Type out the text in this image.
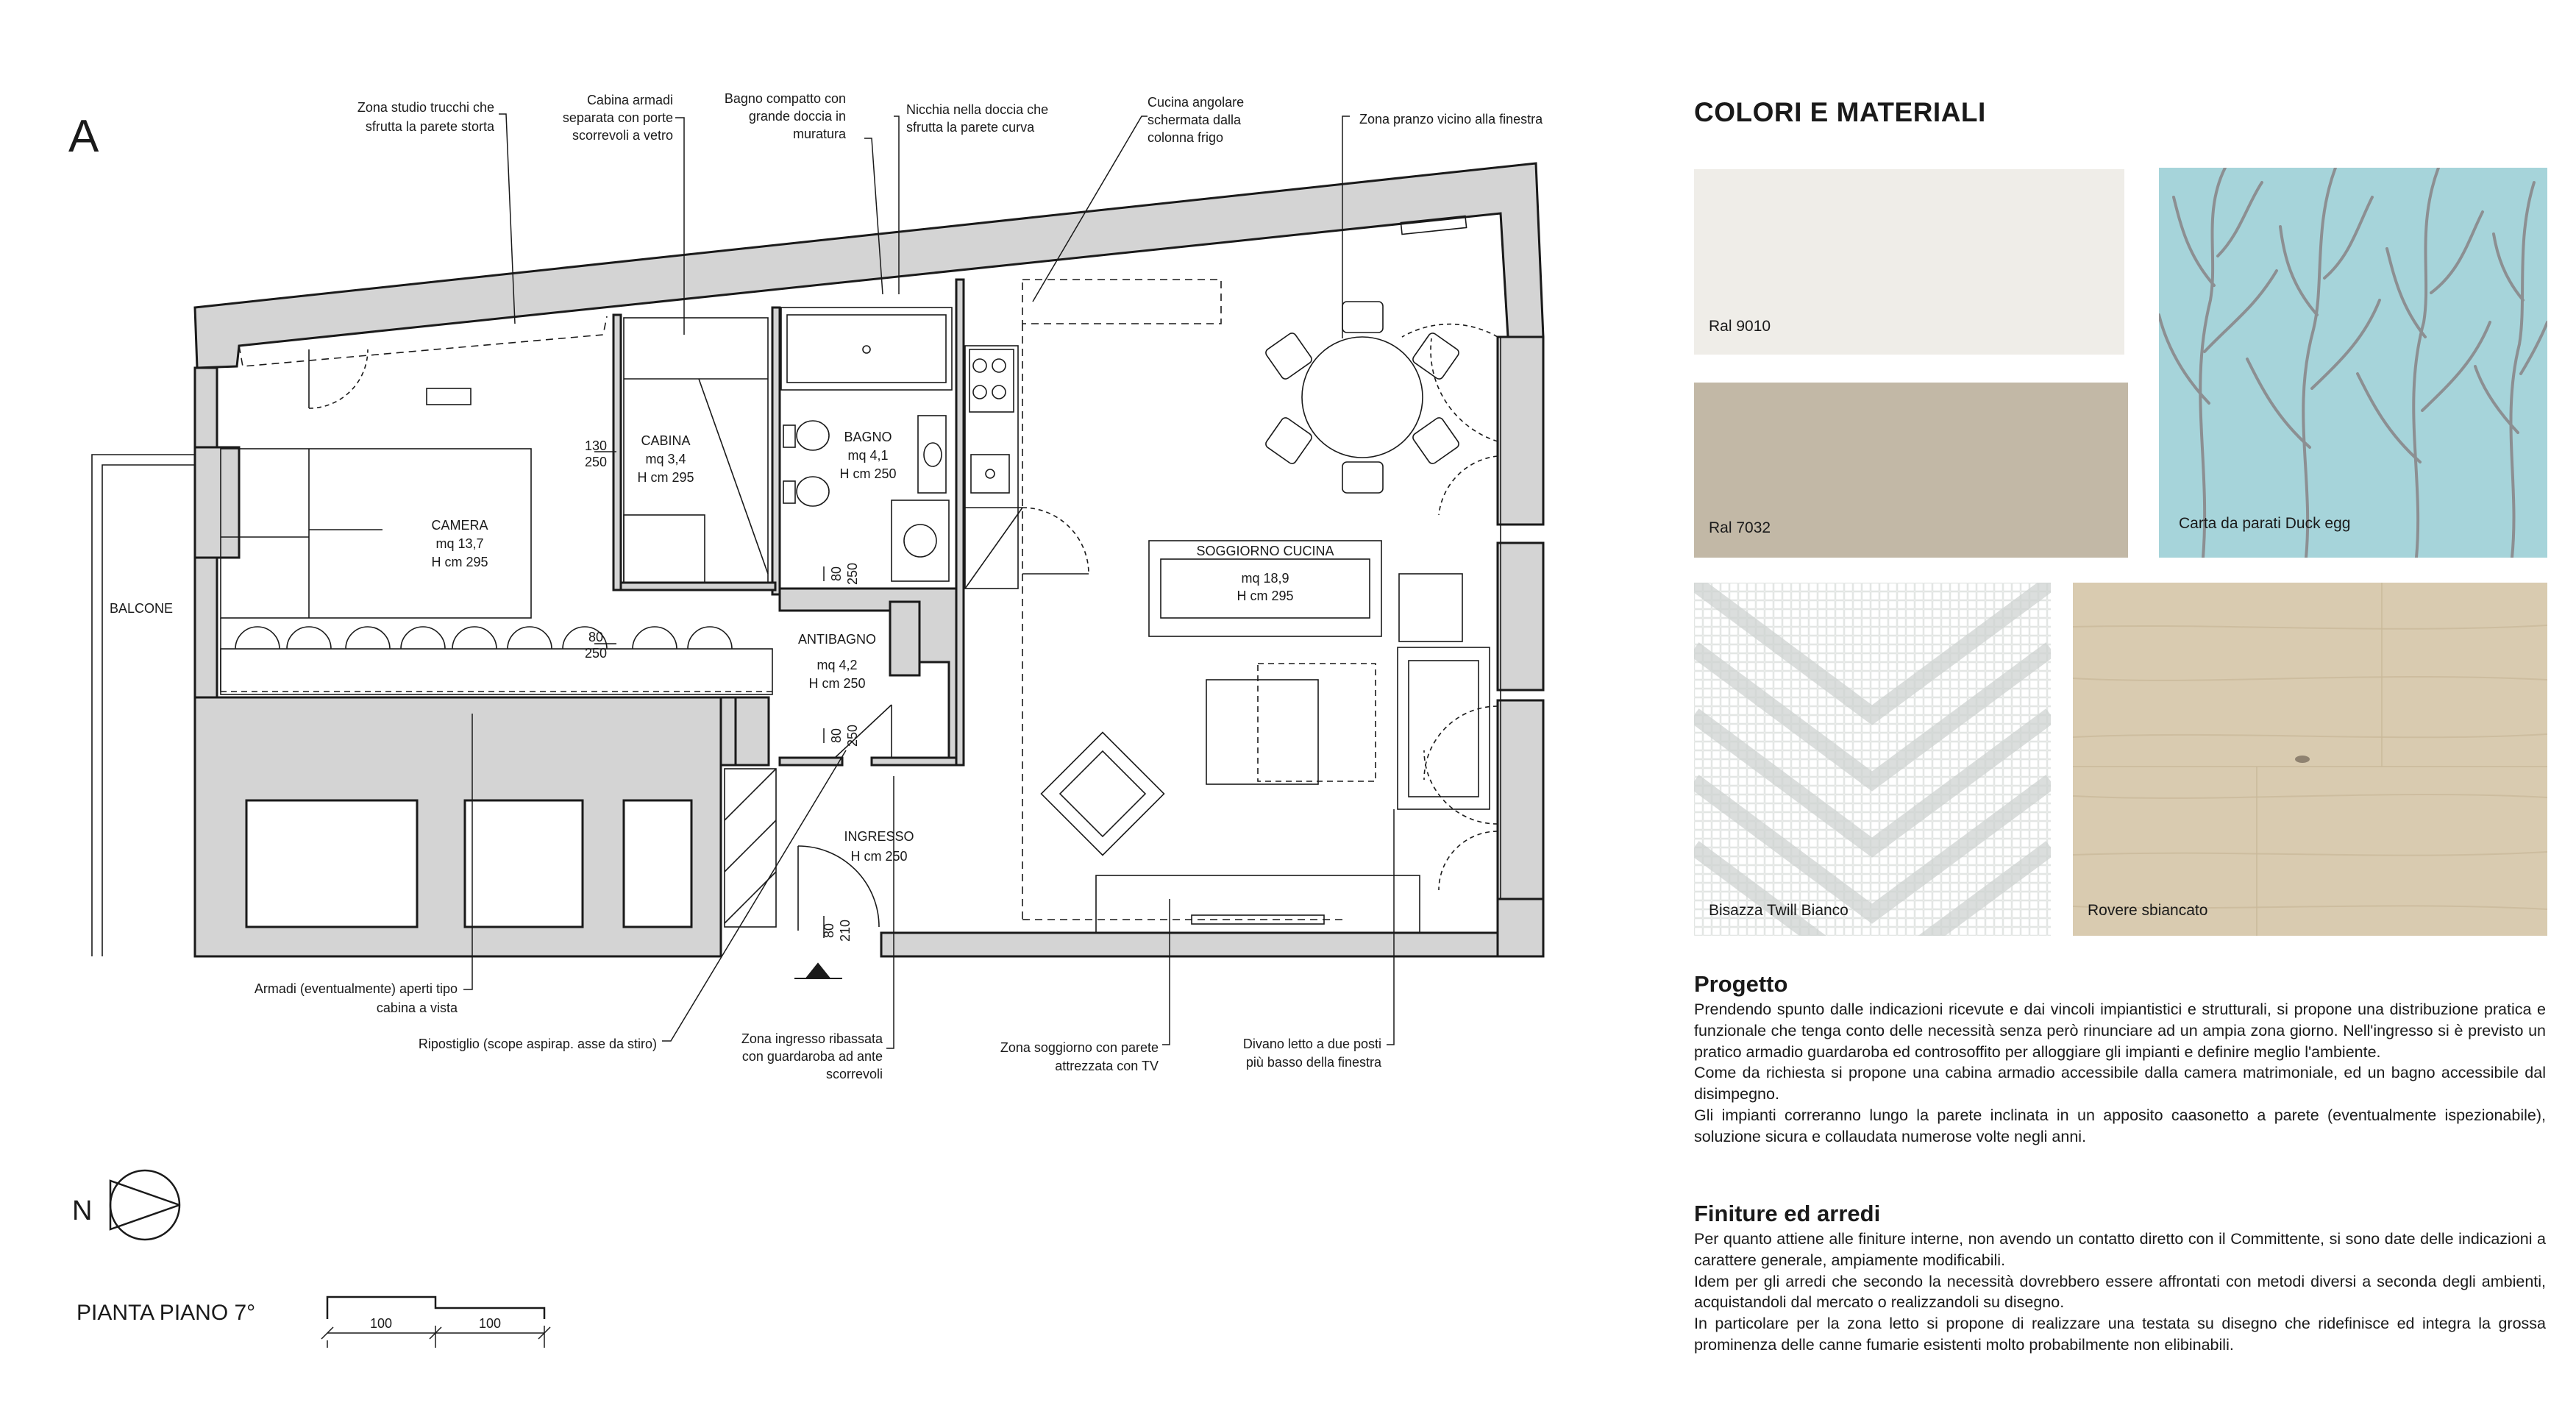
CAMERA
mq 13,7
H cm 295
CABINA
mq 3,4
H cm 295
BAGNO
mq 4,1
H cm 250
ANTIBAGNO
mq 4,2
H cm 250
SOGGIORNO CUCINA
mq 18,9
H cm 295
INGRESSO
H cm 250
BALCONE
130
250
80
250
80 250
80 250
80 210
Zona studio trucchi che
sfrutta la parete storta
Cabina armadi
separata con porte
scorrevoli a vetro
Bagno compatto con
grande doccia in
muratura
Armadi (eventualmente) aperti tipo
cabina a vista
Ripostiglio (scope aspirap. asse da stiro)	Zona ingresso ribassata
con guardaroba ad ante
scorrevoli
Zona soggiorno con parete
attrezzata con TV
Divano letto a due posti
più basso della finestra
Nicchia nella doccia che
sfrutta la parete curva
Cucina angolare
schermata dalla
colonna frigo
Zona pranzo vicino alla finestra
100	100
A
N
PIANTA PIANO 7°
COLORI E MATERIALI
Ral 9010
Ral 7032	Carta da parati Duck egg
Bisazza Twill Bianco	Rovere sbiancato
Progetto

Prendendo spunto dalle indicazioni ricevute e dai vincoli impiantistici e strutturali, si propone una distribuzione pratica e funzionale che tenga conto delle necessità senza però rinunciare ad un ampia zona giorno. Nell'ingresso si è previsto un pratico armadio guardaroba ed controsoffito per alloggiare gli impianti e definire meglio l'ambiente.

Come da richiesta si propone una cabina armadio accessibile dalla camera matrimoniale, ed un bagno accessibile dal disimpegno.

Gli impianti correranno lungo la parete inclinata in un apposito caasonetto a parete (eventualmente ispezionabile), soluzione sicura e collaudata numerose volte negli anni.

Finiture ed arredi

Per quanto attiene alle finiture interne, non avendo un contatto diretto con il Committente, si sono date delle indicazioni a carattere generale, ampiamente modificabili.

Idem per gli arredi che secondo la necessità dovrebbero essere affrontati con metodi diversi a seconda degli ambienti, acquistandoli dal mercato o realizzandoli su disegno.

In particolare per la zona letto si propone di realizzare una testata su disegno che ridefinisce ed integra la grossa prominenza delle canne fumarie esistenti molto probabilmente non elibinabili.
